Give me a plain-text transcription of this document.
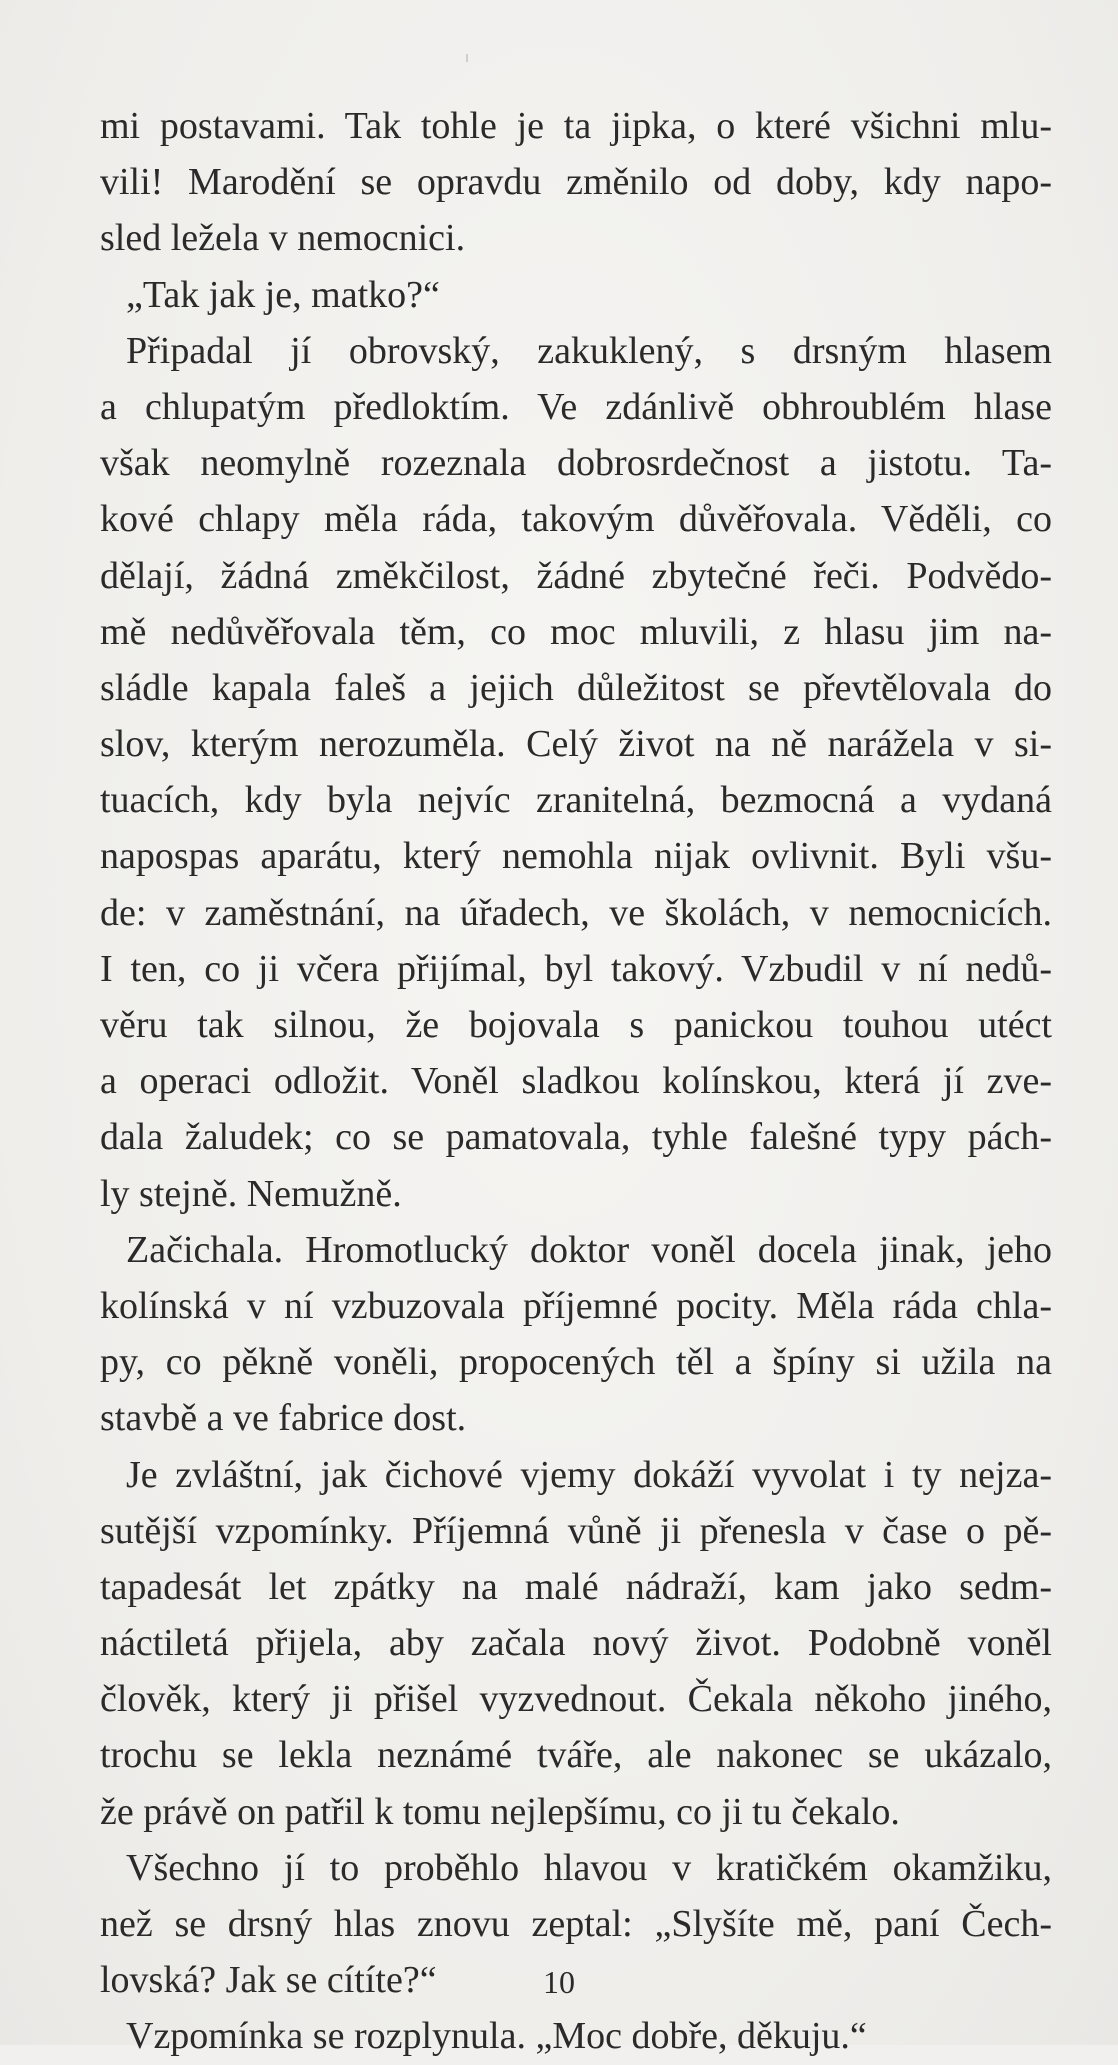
mi postavami. Tak tohle je ta jipka, o které všichni mlu-
vili! Marodění se opravdu změnilo od doby, kdy napo-
sled ležela v nemocnici.
„Tak jak je, matko?“
Připadal jí obrovský, zakuklený, s drsným hlasem
a chlupatým předloktím. Ve zdánlivě obhroublém hlase
však neomylně rozeznala dobrosrdečnost a jistotu. Ta-
kové chlapy měla ráda, takovým důvěřovala. Věděli, co
dělají, žádná změkčilost, žádné zbytečné řeči. Podvědo-
mě nedůvěřovala těm, co moc mluvili, z hlasu jim na-
sládle kapala faleš a jejich důležitost se převtělovala do
slov, kterým nerozuměla. Celý život na ně narážela v si-
tuacích, kdy byla nejvíc zranitelná, bezmocná a vydaná
napospas aparátu, který nemohla nijak ovlivnit. Byli všu-
de: v zaměstnání, na úřadech, ve školách, v nemocnicích.
I ten, co ji včera přijímal, byl takový. Vzbudil v ní nedů-
věru tak silnou, že bojovala s panickou touhou utéct
a operaci odložit. Voněl sladkou kolínskou, která jí zve-
dala žaludek; co se pamatovala, tyhle falešné typy pách-
ly stejně. Nemužně.
Začichala. Hromotlucký doktor voněl docela jinak, jeho
kolínská v ní vzbuzovala příjemné pocity. Měla ráda chla-
py, co pěkně voněli, propocených těl a špíny si užila na
stavbě a ve fabrice dost.
Je zvláštní, jak čichové vjemy dokáží vyvolat i ty nejza-
sutější vzpomínky. Příjemná vůně ji přenesla v čase o pě-
tapadesát let zpátky na malé nádraží, kam jako sedm-
náctiletá přijela, aby začala nový život. Podobně voněl
člověk, který ji přišel vyzvednout. Čekala někoho jiného,
trochu se lekla neznámé tváře, ale nakonec se ukázalo,
že právě on patřil k tomu nejlepšímu, co ji tu čekalo.
Všechno jí to proběhlo hlavou v kratičkém okamžiku,
než se drsný hlas znovu zeptal: „Slyšíte mě, paní Čech-
lovská? Jak se cítíte?“
Vzpomínka se rozplynula. „Moc dobře, děkuju.“
10
